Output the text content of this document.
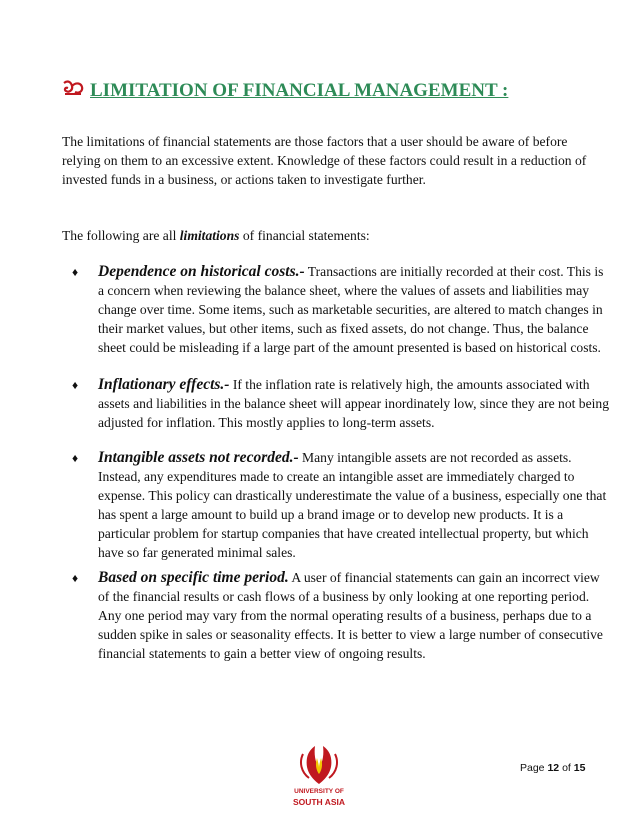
LIMITATION OF FINANCIAL MANAGEMENT :
The limitations of financial statements are those factors that a user should be aware of before relying on them to an excessive extent. Knowledge of these factors could result in a reduction of invested funds in a business, or actions taken to investigate further.
The following are all limitations of financial statements:
♦	Dependence on historical costs.- Transactions are initially recorded at their cost. This is a concern when reviewing the balance sheet, where the values of assets and liabilities may change over time. Some items, such as marketable securities, are altered to match changes in their market values, but other items, such as fixed assets, do not change. Thus, the balance sheet could be misleading if a large part of the amount presented is based on historical costs.
♦	Inflationary effects.- If the inflation rate is relatively high, the amounts associated with assets and liabilities in the balance sheet will appear inordinately low, since they are not being adjusted for inflation. This mostly applies to long-term assets.
♦	Intangible assets not recorded.- Many intangible assets are not recorded as assets. Instead, any expenditures made to create an intangible asset are immediately charged to expense. This policy can drastically underestimate the value of a business, especially one that has spent a large amount to build up a brand image or to develop new products. It is a particular problem for startup companies that have created intellectual property, but which have so far generated minimal sales.
♦	Based on specific time period. A user of financial statements can gain an incorrect view of the financial results or cash flows of a business by only looking at one reporting period. Any one period may vary from the normal operating results of a business, perhaps due to a sudden spike in sales or seasonality effects. It is better to view a large number of consecutive financial statements to gain a better view of ongoing results.
UNIVERSITY OF
SOUTH ASIA
Page 12 of 15
